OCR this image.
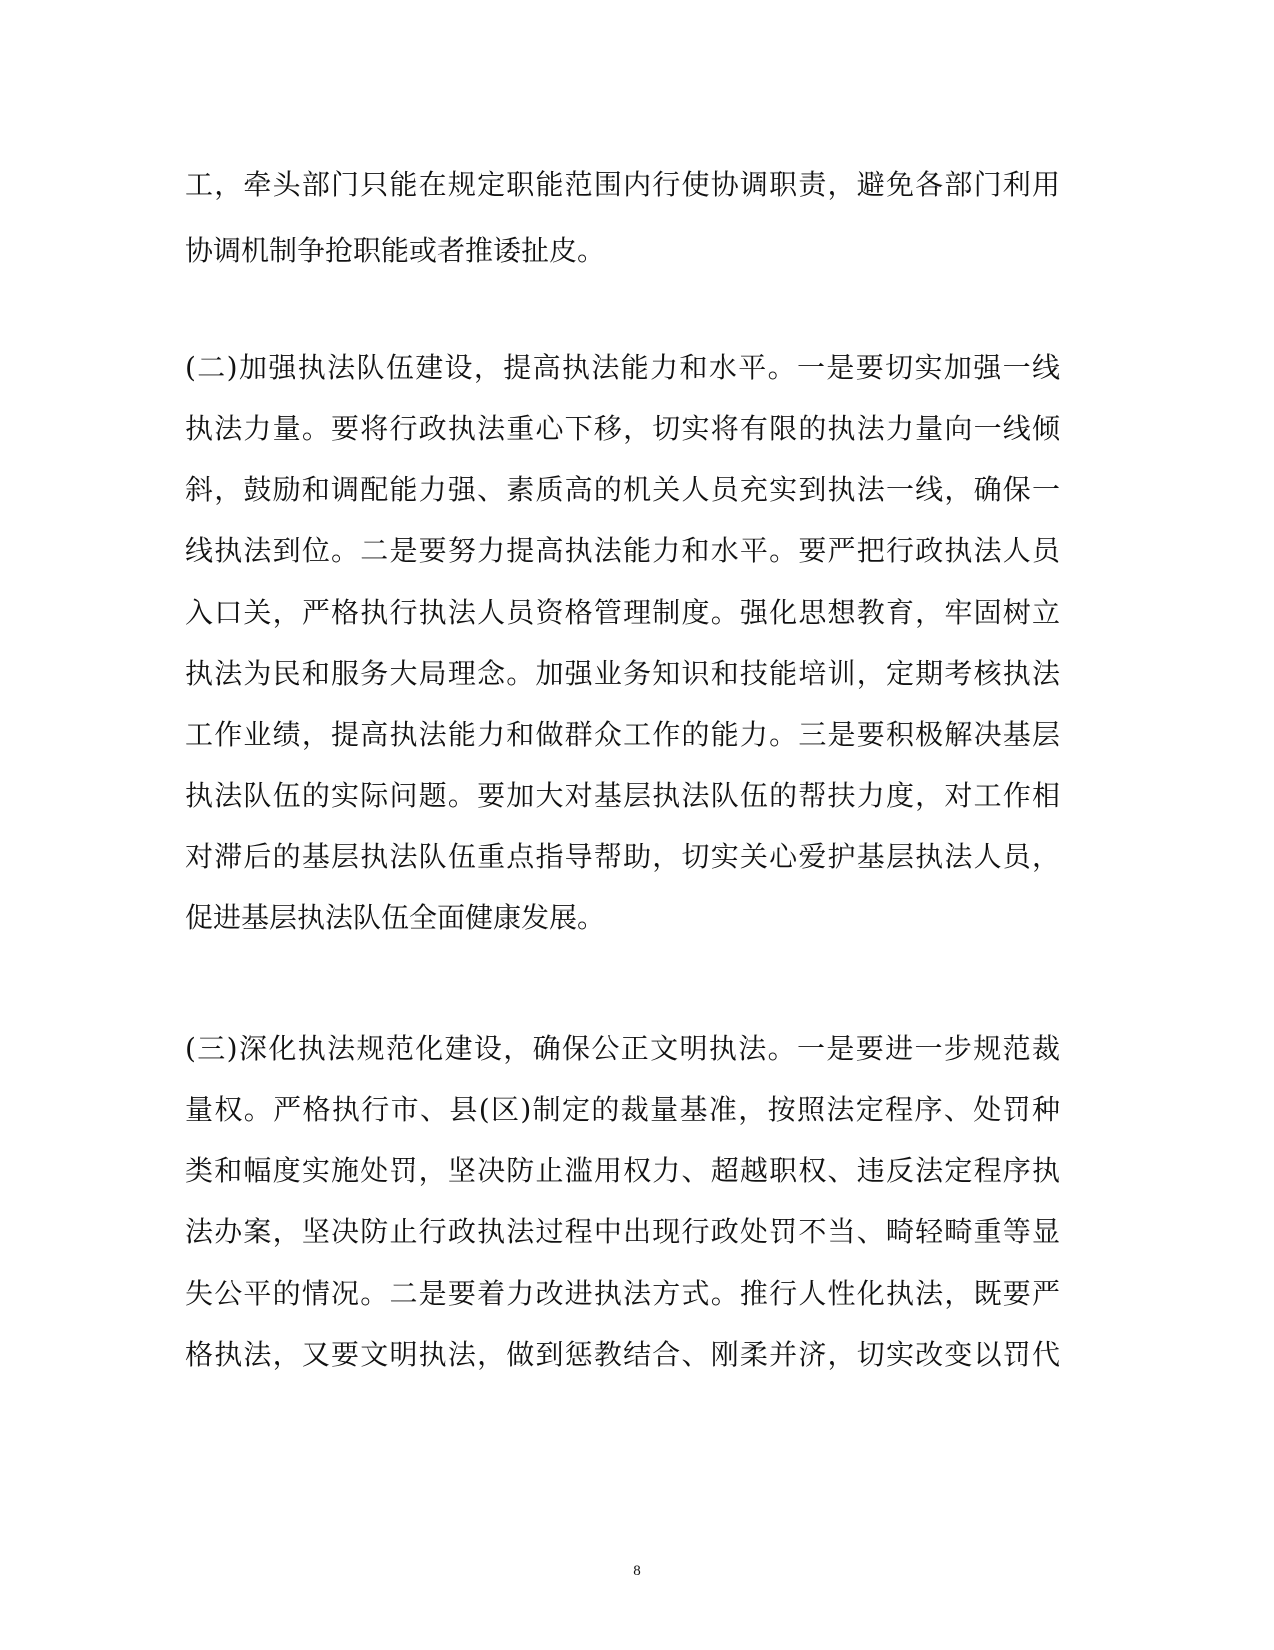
工，牵头部门只能在规定职能范围内行使协调职责，避免各部门利用
协调机制争抢职能或者推诿扯皮。
(二)加强执法队伍建设，提高执法能力和水平。一是要切实加强一线
执法力量。要将行政执法重心下移，切实将有限的执法力量向一线倾
斜，鼓励和调配能力强、素质高的机关人员充实到执法一线，确保一
线执法到位。二是要努力提高执法能力和水平。要严把行政执法人员
入口关，严格执行执法人员资格管理制度。强化思想教育，牢固树立
执法为民和服务大局理念。加强业务知识和技能培训，定期考核执法
工作业绩，提高执法能力和做群众工作的能力。三是要积极解决基层
执法队伍的实际问题。要加大对基层执法队伍的帮扶力度，对工作相
对滞后的基层执法队伍重点指导帮助，切实关心爱护基层执法人员，
促进基层执法队伍全面健康发展。
(三)深化执法规范化建设，确保公正文明执法。一是要进一步规范裁
量权。严格执行市、县(区)制定的裁量基准，按照法定程序、处罚种
类和幅度实施处罚，坚决防止滥用权力、超越职权、违反法定程序执
法办案，坚决防止行政执法过程中出现行政处罚不当、畸轻畸重等显
失公平的情况。二是要着力改进执法方式。推行人性化执法，既要严
格执法，又要文明执法，做到惩教结合、刚柔并济，切实改变以罚代
8
